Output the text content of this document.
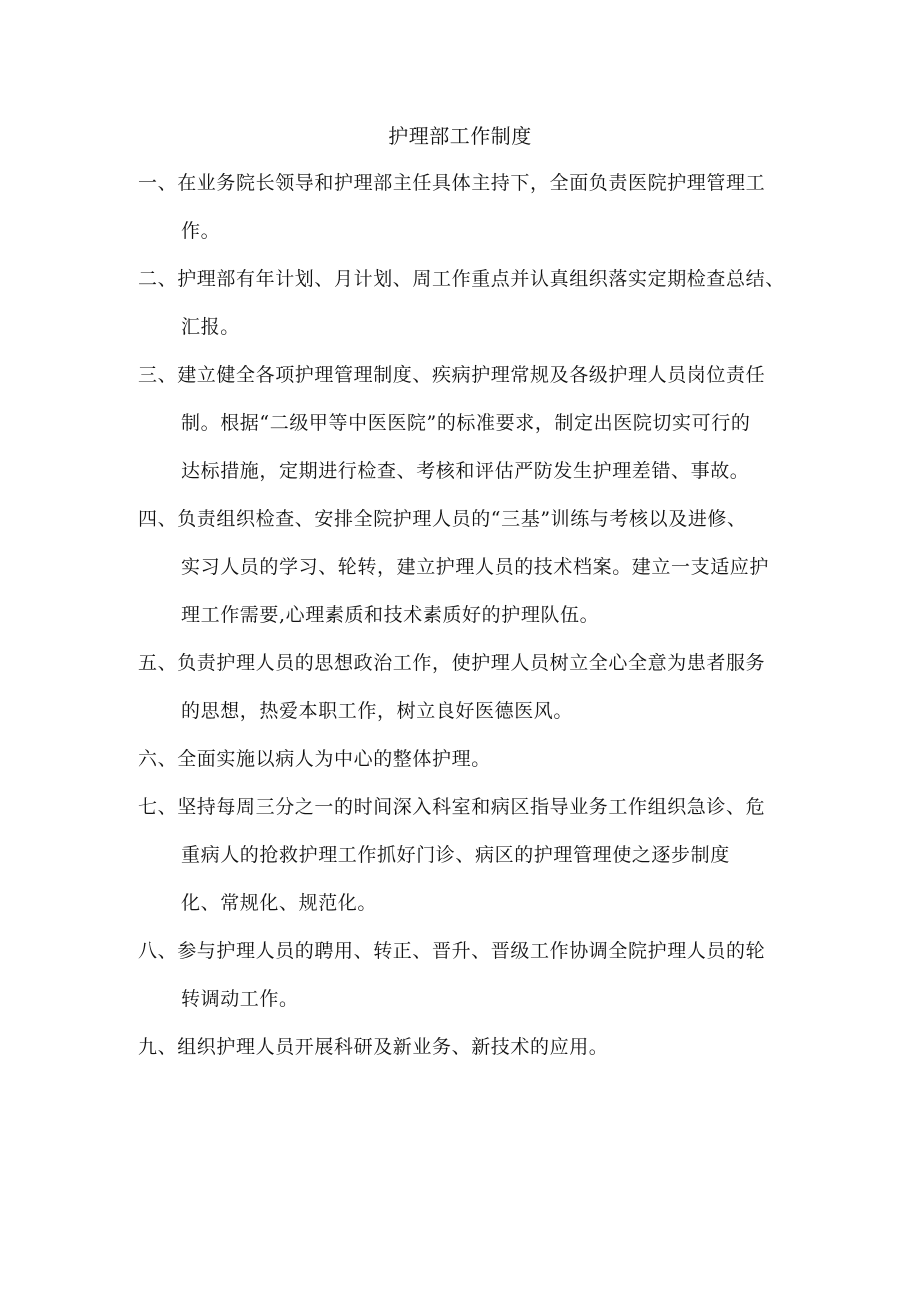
护理部工作制度
一、在业务院长领导和护理部主任具体主持下，全面负责医院护理管理工
作。
二、护理部有年计划、月计划、周工作重点并认真组织落实定期检查总结、
汇报。
三、建立健全各项护理管理制度、疾病护理常规及各级护理人员岗位责任
制。根据“二级甲等中医医院”的标准要求，制定出医院切实可行的
达标措施，定期进行检查、考核和评估严防发生护理差错、事故。
四、负责组织检查、安排全院护理人员的“三基”训练与考核以及进修、
实习人员的学习、轮转，建立护理人员的技术档案。建立一支适应护
理工作需要,心理素质和技术素质好的护理队伍。
五、负责护理人员的思想政治工作，使护理人员树立全心全意为患者服务
的思想，热爱本职工作，树立良好医德医风。
六、全面实施以病人为中心的整体护理。
七、坚持每周三分之一的时间深入科室和病区指导业务工作组织急诊、危
重病人的抢救护理工作抓好门诊、病区的护理管理使之逐步制度
化、常规化、规范化。
八、参与护理人员的聘用、转正、晋升、晋级工作协调全院护理人员的轮
转调动工作。
九、组织护理人员开展科研及新业务、新技术的应用。
